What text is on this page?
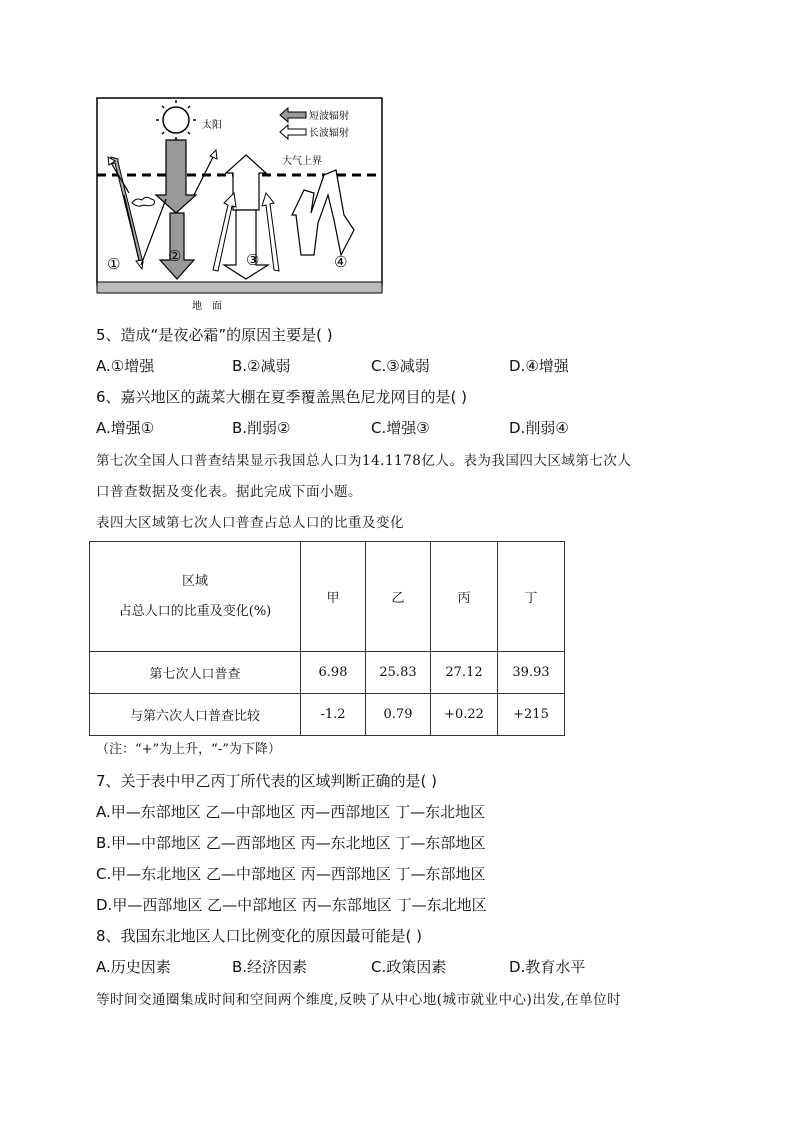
太阳
短波辐射
长波辐射
大气上界
①	②	③	④
地　面
5、造成“是夜必霜”的原因主要是( )
A.①增强	B.②减弱	C.③减弱	D.④增强
6、嘉兴地区的蔬菜大棚在夏季覆盖黑色尼龙网目的是( )
A.增强①	B.削弱②	C.增强③	D.削弱④
第七次全国人口普查结果显示我国总人口为14.1178亿人。表为我国四大区域第七次人
口普查数据及变化表。据此完成下面小题。
表四大区域第七次人口普查占总人口的比重及变化
区域
占总人口的比重及变化(%)	甲	乙	丙	丁
第七次人口普查	6.98	25.83	27.12	39.93
与第六次人口普查比较	-1.2	0.79	+0.22	+215
（注：“+”为上升，“-”为下降）
7、关于表中甲乙丙丁所代表的区域判断正确的是( )
A.甲—东部地区 乙—中部地区 丙—西部地区 丁—东北地区
B.甲—中部地区 乙—西部地区 丙—东北地区 丁—东部地区
C.甲—东北地区 乙—中部地区 丙—西部地区 丁—东部地区
D.甲—西部地区 乙—中部地区 丙—东部地区 丁—东北地区
8、我国东北地区人口比例变化的原因最可能是( )
A.历史因素	B.经济因素	C.政策因素	D.教育水平
等时间交通圈集成时间和空间两个维度,反映了从中心地(城市就业中心)出发,在单位时
